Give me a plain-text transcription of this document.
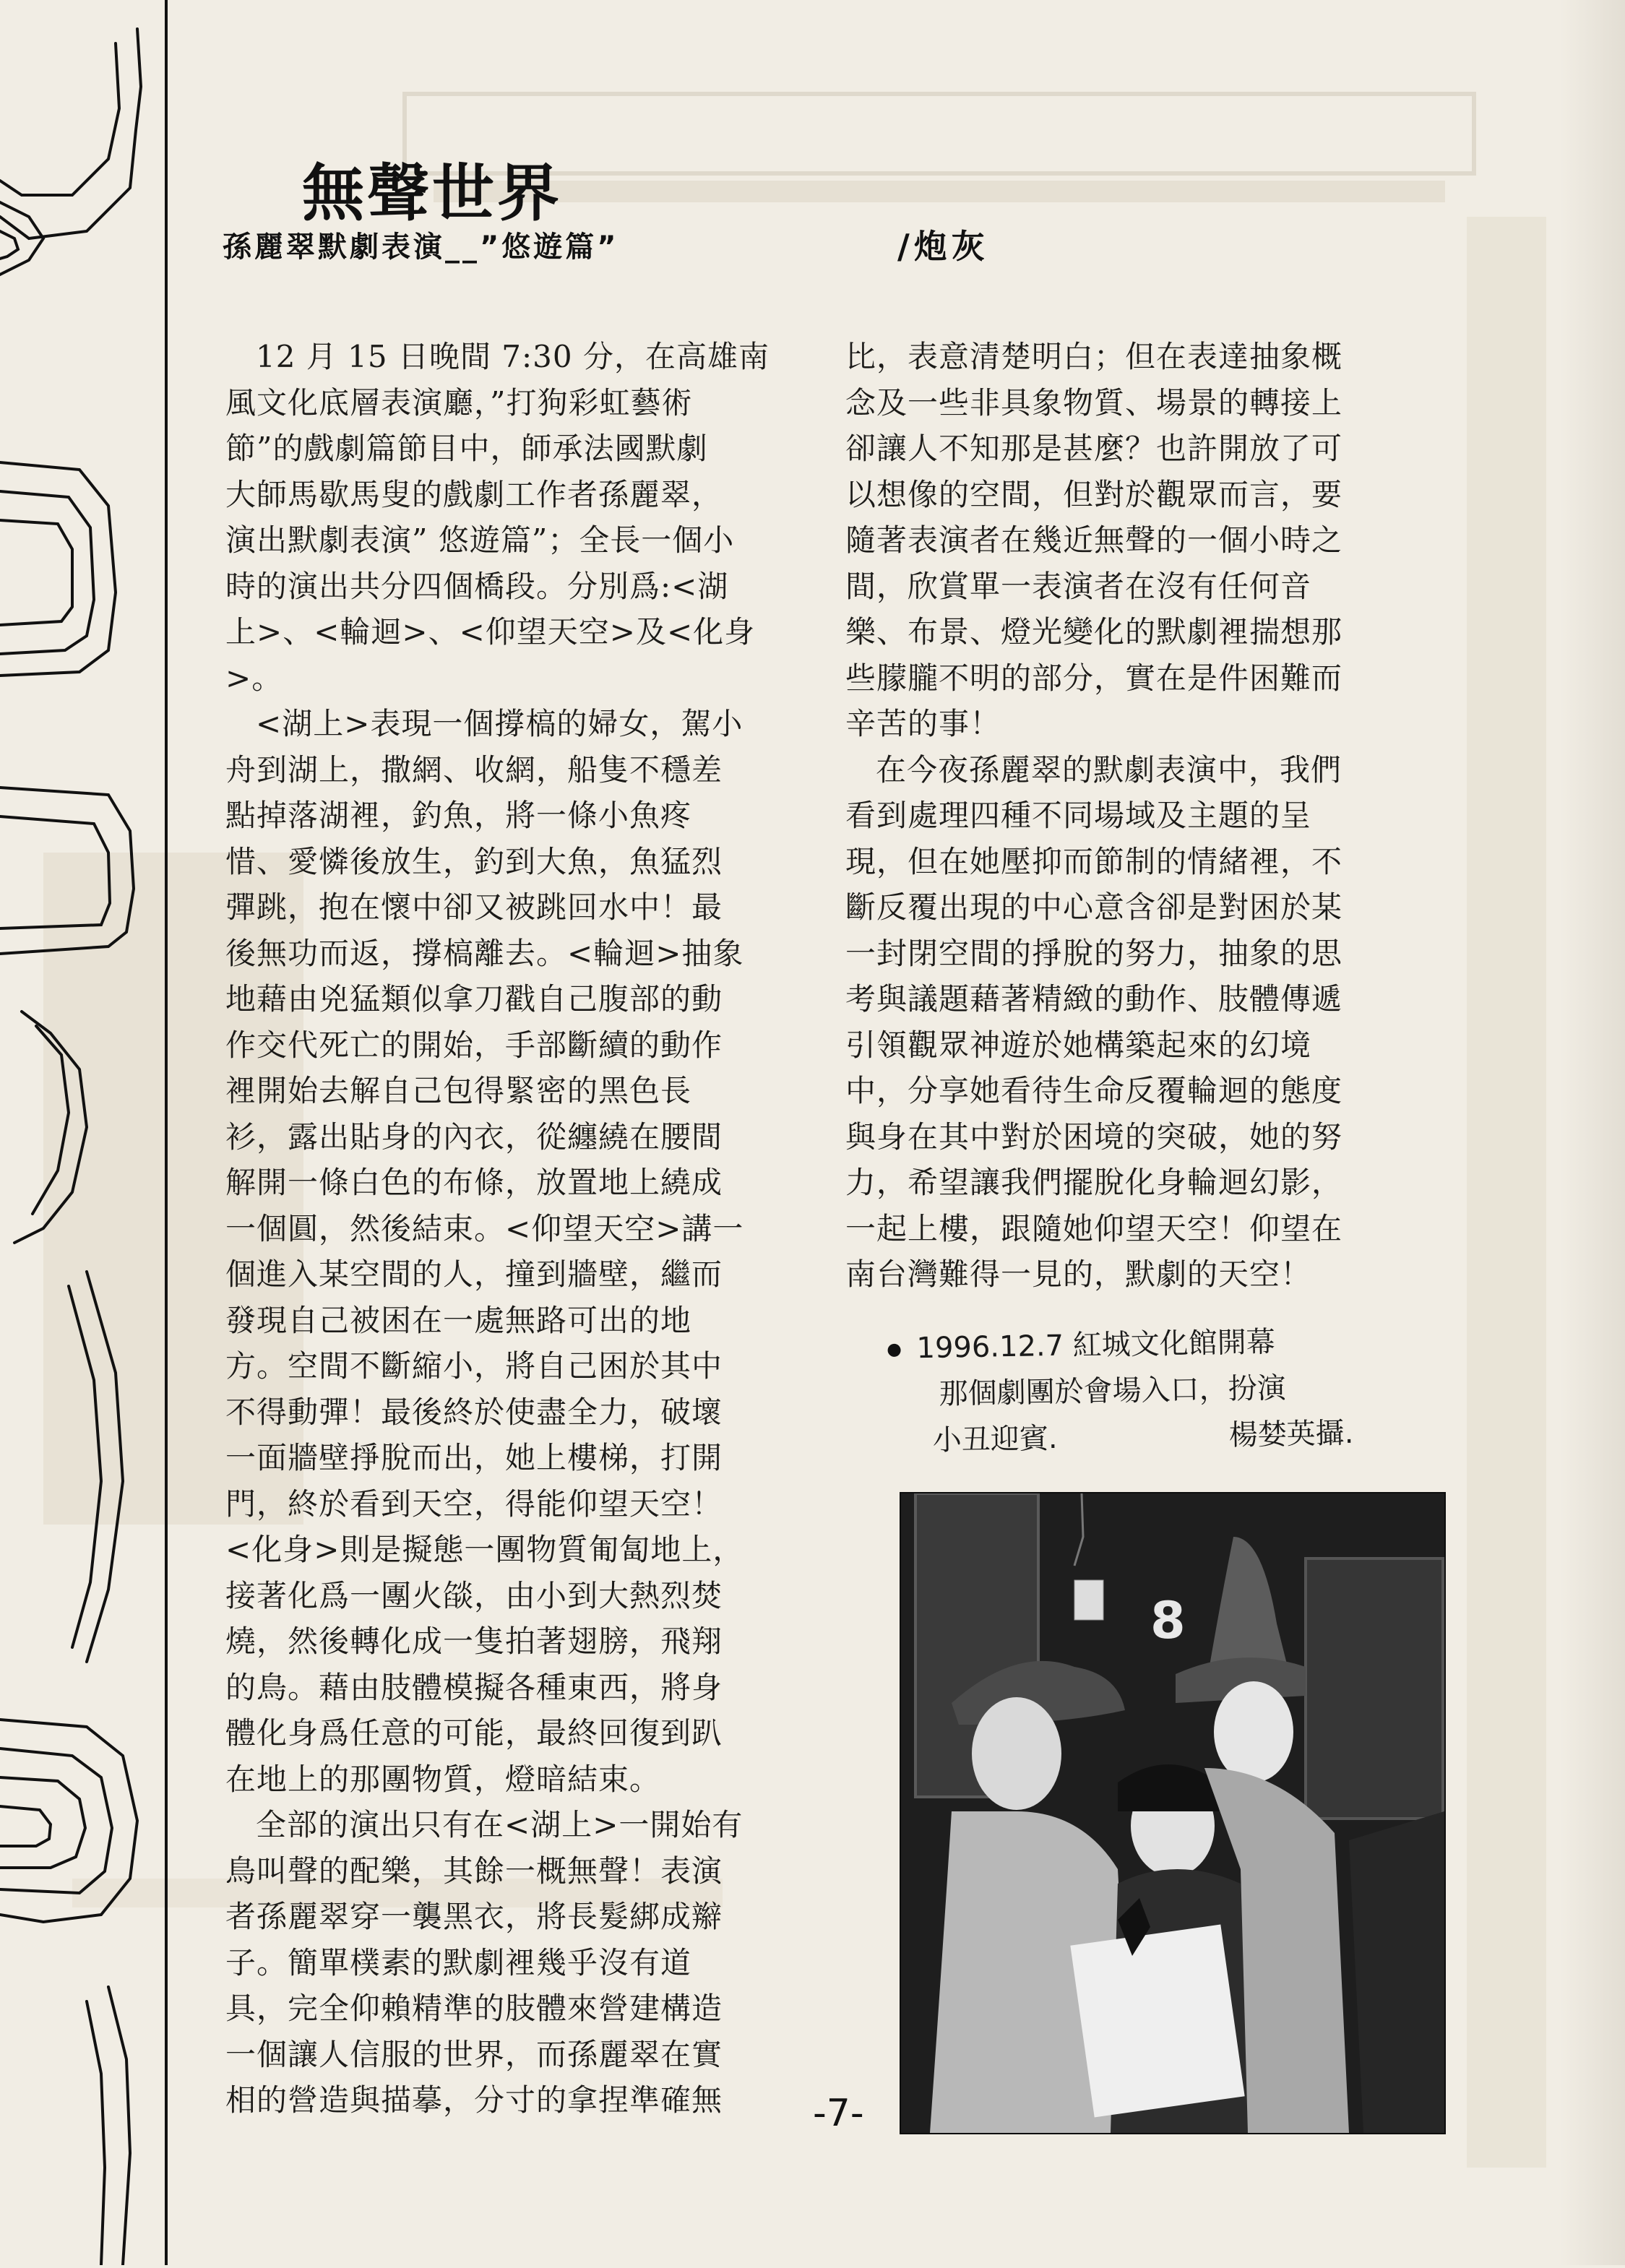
無聲世界
孫麗翠默劇表演__”悠遊篇”	/炮灰

12 月 15 日晚間 7:30 分，在高雄南

風文化底層表演廳，”打狗彩虹藝術

節”的戲劇篇節目中，師承法國默劇

大師馬歇馬叟的戲劇工作者孫麗翠，

演出默劇表演” 悠遊篇”；全長一個小

時的演出共分四個橋段。分別爲:<湖

上>、<輪迴>、<仰望天空>及<化身

>。

<湖上>表現一個撐槁的婦女，駕小

舟到湖上，撒網、收網，船隻不穩差

點掉落湖裡，釣魚，將一條小魚疼

惜、愛憐後放生，釣到大魚，魚猛烈

彈跳，抱在懷中卻又被跳回水中！最

後無功而返，撐槁離去。<輪迴>抽象

地藉由兇猛類似拿刀戳自己腹部的動

作交代死亡的開始，手部斷續的動作

裡開始去解自己包得緊密的黑色長

衫，露出貼身的內衣，從纏繞在腰間

解開一條白色的布條，放置地上繞成

一個圓，然後結束。<仰望天空>講一

個進入某空間的人，撞到牆壁，繼而

發現自己被困在一處無路可出的地

方。空間不斷縮小，將自己困於其中

不得動彈！最後終於使盡全力，破壞

一面牆壁掙脫而出，她上樓梯，打開

門，終於看到天空，得能仰望天空！

<化身>則是擬態一團物質匍匐地上，

接著化爲一團火燄，由小到大熱烈焚

燒，然後轉化成一隻拍著翅膀，飛翔

的鳥。藉由肢體模擬各種東西，將身

體化身爲任意的可能，最終回復到趴

在地上的那團物質，燈暗結束。

全部的演出只有在<湖上>一開始有

鳥叫聲的配樂，其餘一概無聲！表演

者孫麗翠穿一襲黑衣，將長髮綁成辮

子。簡單樸素的默劇裡幾乎沒有道

具，完全仰賴精準的肢體來營建構造

一個讓人信服的世界，而孫麗翠在實

相的營造與描摹，分寸的拿捏準確無

比，表意清楚明白；但在表達抽象概

念及一些非具象物質、場景的轉接上

卻讓人不知那是甚麼？也許開放了可

以想像的空間，但對於觀眾而言，要

隨著表演者在幾近無聲的一個小時之

間，欣賞單一表演者在沒有任何音

樂、布景、燈光變化的默劇裡揣想那

些朦朧不明的部分，實在是件困難而

辛苦的事！

在今夜孫麗翠的默劇表演中，我們

看到處理四種不同場域及主題的呈

現，但在她壓抑而節制的情緒裡，不

斷反覆出現的中心意含卻是對困於某

一封閉空間的掙脫的努力，抽象的思

考與議題藉著精緻的動作、肢體傳遞

引領觀眾神遊於她構築起來的幻境

中，分享她看待生命反覆輪迴的態度

與身在其中對於困境的突破，她的努

力，希望讓我們擺脫化身輪迴幻影，

一起上樓，跟隨她仰望天空！仰望在

南台灣難得一見的，默劇的天空！

1996.12.7 紅城文化館開幕

那個劇團於會場入口，扮演

小丑迎賓.	楊婪英攝.
8
-7-
